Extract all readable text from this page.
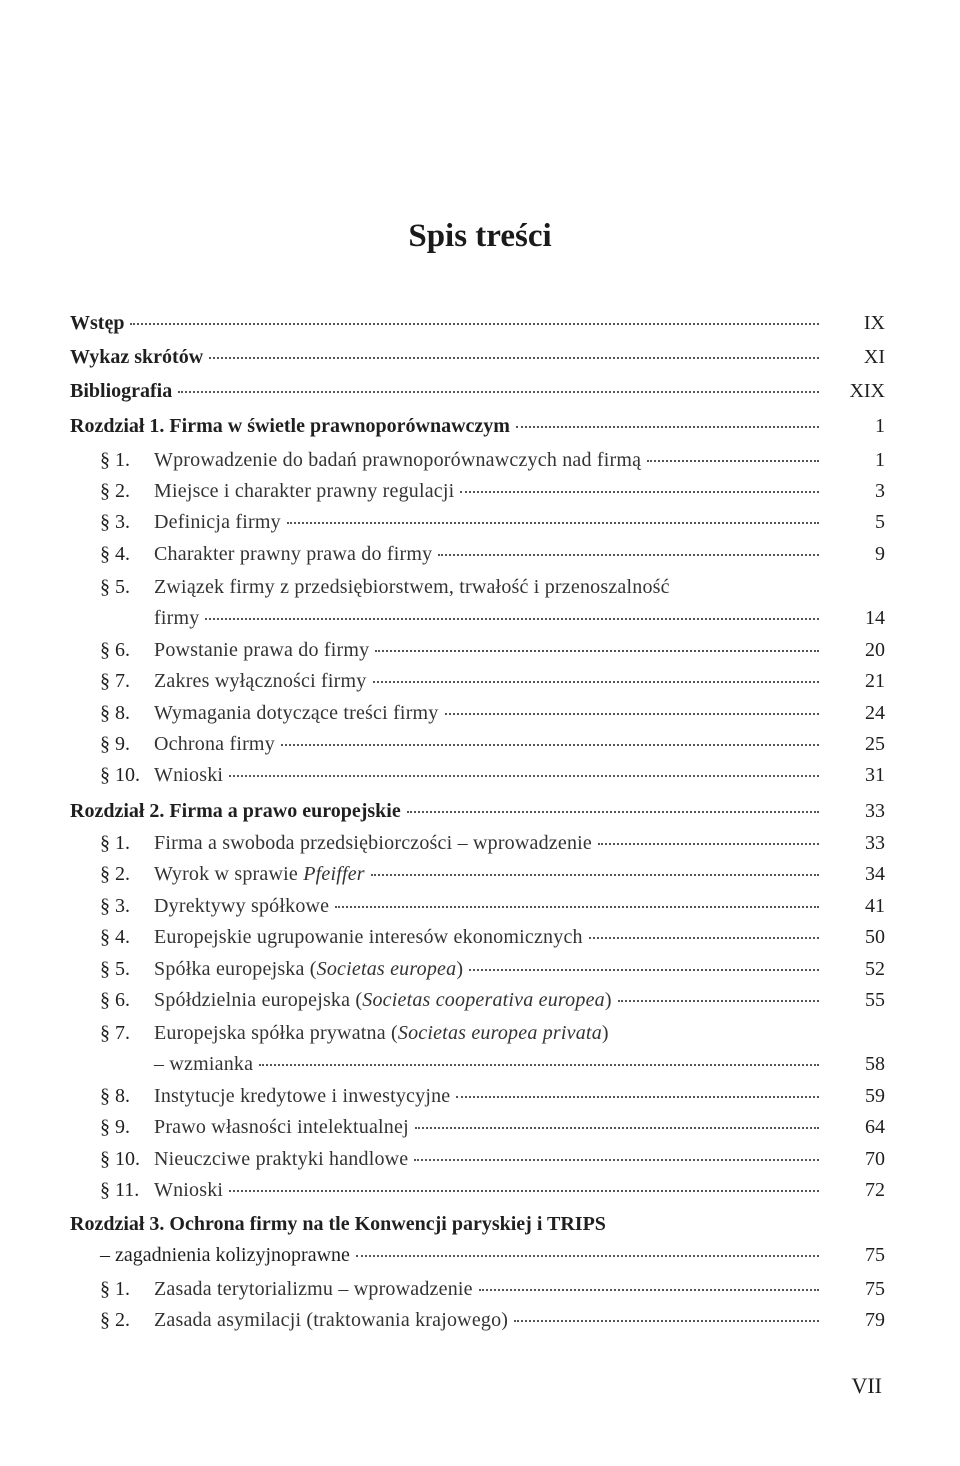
Spis treści
Wstęp	IX
Wykaz skrótów	XI
Bibliografia	XIX
Rozdział 1. Firma w świetle prawnoporównawczym	1
§ 1.	Wprowadzenie do badań prawnoporównawczych nad firmą	1
§ 2.	Miejsce i charakter prawny regulacji	3
§ 3.	Definicja firmy	5
§ 4.	Charakter prawny prawa do firmy	9
§ 5.	Związek firmy z przedsiębiorstwem, trwałość i przenoszalność
firmy	14
§ 6.	Powstanie prawa do firmy	20
§ 7.	Zakres wyłączności firmy	21
§ 8.	Wymagania dotyczące treści firmy	24
§ 9.	Ochrona firmy	25
§ 10. Wnioski	31
Rozdział 2. Firma a prawo europejskie	33
§ 1.	Firma a swoboda przedsiębiorczości – wprowadzenie	33
§ 2.	Wyrok w sprawie Pfeiffer	34
§ 3.	Dyrektywy spółkowe	41
§ 4.	Europejskie ugrupowanie interesów ekonomicznych	50
§ 5.	Spółka europejska (Societas europea)	52
§ 6.	Spółdzielnia europejska (Societas cooperativa europea)	55
§ 7.	Europejska spółka prywatna (Societas europea privata)
– wzmianka	58
§ 8.	Instytucje kredytowe i inwestycyjne	59
§ 9.	Prawo własności intelektualnej	64
§ 10. Nieuczciwe praktyki handlowe	70
§ 11. Wnioski	72
Rozdział 3. Ochrona firmy na tle Konwencji paryskiej i TRIPS
– zagadnienia kolizyjnoprawne	75
§ 1.	Zasada terytorializmu – wprowadzenie	75
§ 2.	Zasada asymilacji (traktowania krajowego)	79
VII
